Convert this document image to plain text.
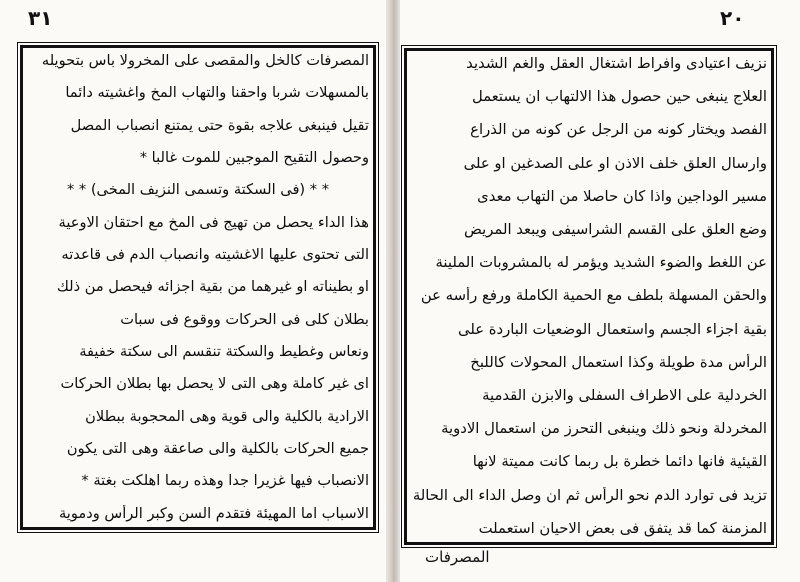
٣١	٢٠
المصرفات كالخل والمقصى على المخرولا باس بتحويله
بالمسهلات شربا واحقنا والتهاب المخ واغشيته دائما
تقيل فينبغى علاجه بقوة حتى يمتنع انصباب المصل
وحصول التقيح الموجبين للموت غالبا *
* * (فى السكتة وتسمى النزيف المخى) * *
هذا الداء يحصل من تهيج فى المخ مع احتقان الاوعية
التى تحتوى عليها الاغشيته وانصباب الدم فى قاعدته
او بطيناته او غيرهما من بقية اجزائه فيحصل من ذلك
بطلان كلى فى الحركات ووقوع فى سبات
ونعاس وغطيط والسكتة تنقسم الى سكتة خفيفة
اى غير كاملة وهى التى لا يحصل بها بطلان الحركات
الارادية بالكلية والى قوية وهى المحجوبة ببطلان
جميع الحركات بالكلية والى صاعقة وهى التى يكون
الانصباب فيها غزيرا جدا وهذه ربما اهلكت بغتة *
الاسباب اما المهيئة فتقدم السن وكبر الرأس ودموية
نزيف اعتيادى وافراط اشتغال العقل والغم الشديد
العلاج ينبغى حين حصول هذا الالتهاب ان يستعمل
الفصد ويختار كونه من الرجل عن كونه من الذراع
وارسال العلق خلف الاذن او على الصدغين او على
مسير الوداجين واذا كان حاصلا من التهاب معدى
وضع العلق على القسم الشراسيفى ويبعد المريض
عن اللغط والضوء الشديد ويؤمر له بالمشروبات الملينة
والحقن المسهلة بلطف مع الحمية الكاملة ورفع رأسه عن
بقية اجزاء الجسم واستعمال الوضعيات الباردة على
الرأس مدة طويلة وكذا استعمال المحولات كاللبخ
الخردلية على الاطراف السفلى والابزن القدمية
المخردلة ونحو ذلك وينبغى التحرز من استعمال الادوية
القيئية فانها دائما خطرة بل ربما كانت مميتة لانها
تزيد فى توارد الدم نحو الرأس ثم ان وصل الداء الى الحالة
المزمنة كما قد يتفق فى بعض الاحيان استعملت
المصرفات
